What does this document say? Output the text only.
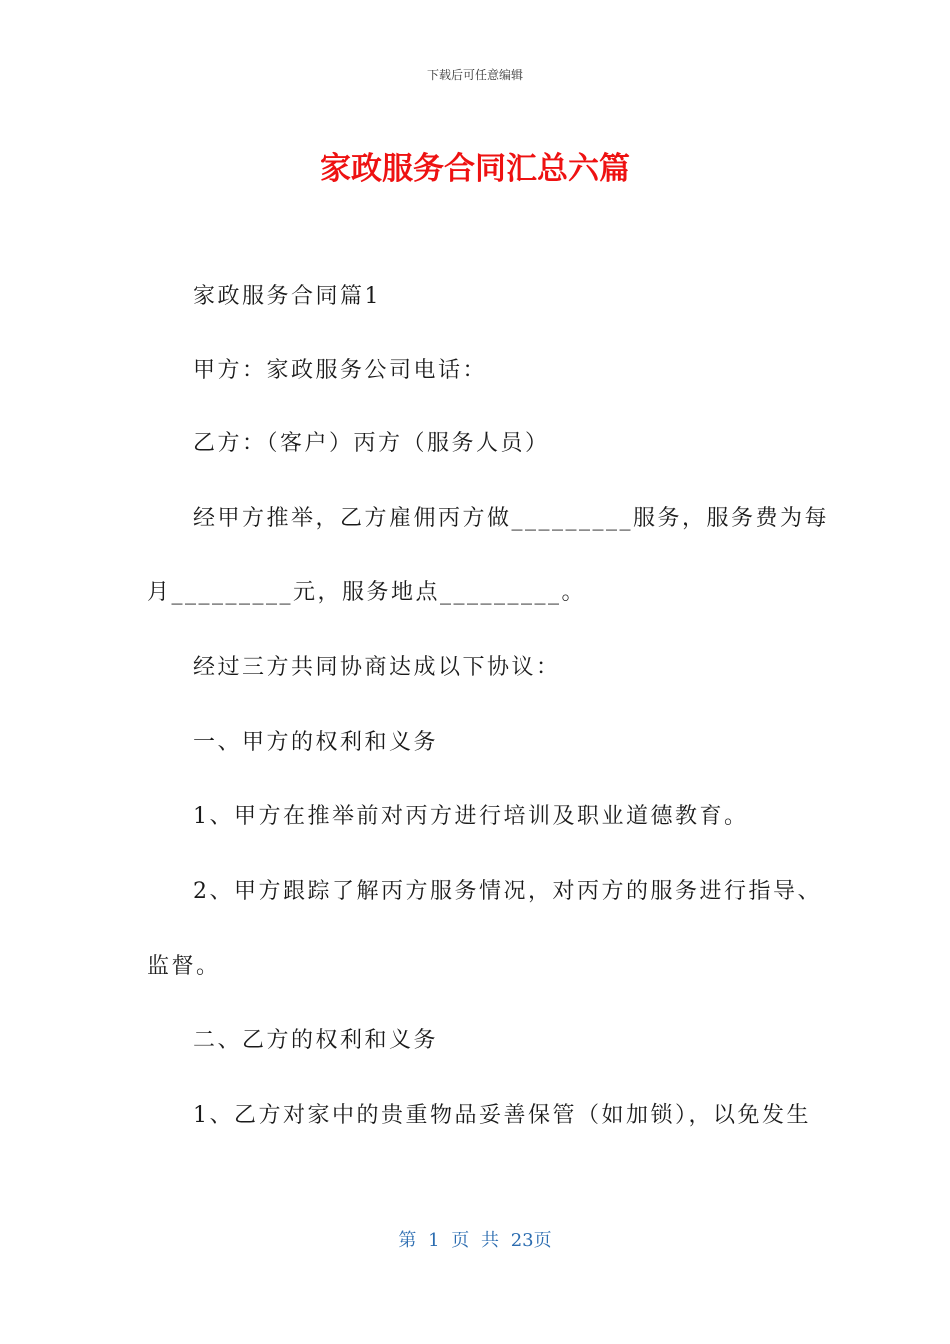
下载后可任意编辑
家政服务合同汇总六篇
家政服务合同篇1
甲方：家政服务公司电话：
乙方：（客户）丙方（服务人员）
经甲方推举，乙方雇佣丙方做_________服务，服务费为每
月_________元，服务地点_________。
经过三方共同协商达成以下协议：
一、甲方的权利和义务
1、甲方在推举前对丙方进行培训及职业道德教育。
2、甲方跟踪了解丙方服务情况，对丙方的服务进行指导、
监督。
二、乙方的权利和义务
1、乙方对家中的贵重物品妥善保管（如加锁），以免发生
第 1 页 共 23页
